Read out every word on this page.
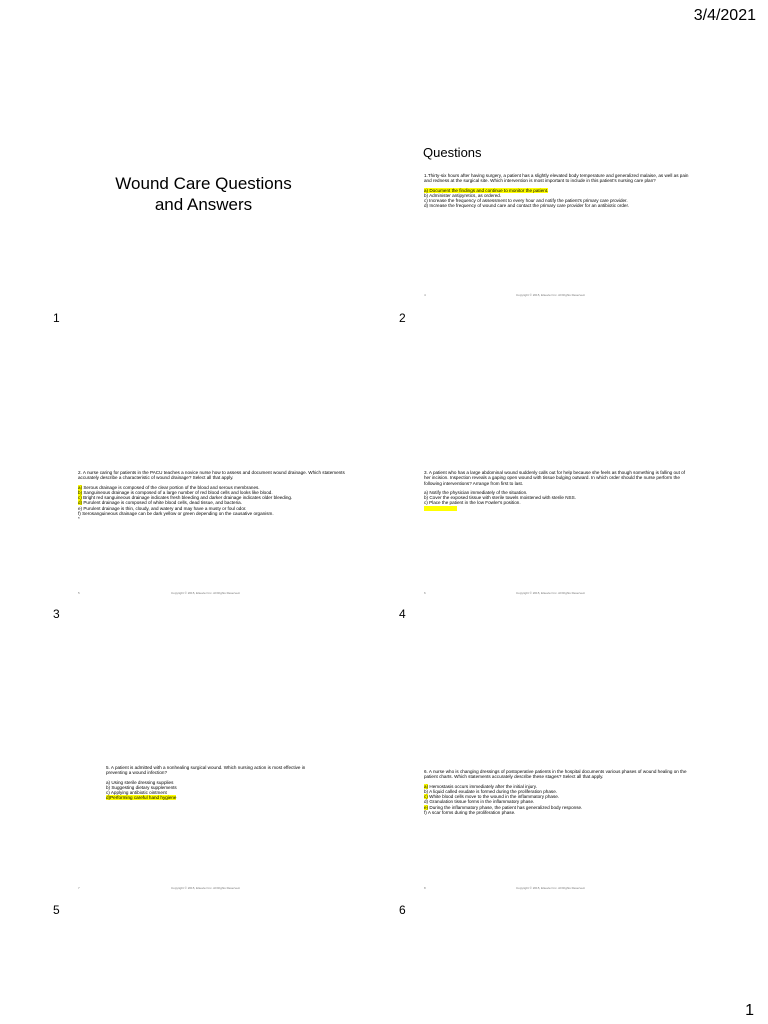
3/4/2021
Wound Care Questions and Answers
1
Questions

1.Thirty-six hours after having surgery, a patient has a slightly elevated body temperature and generalized malaise, as well as pain and redness at the surgical site. Which intervention is most important to include in this patient's nursing care plan?

a) Document the findings and continue to monitor the patient.
b) Administer antipyretics, as ordered.
c) Increase the frequency of assessment to every hour and notify the patient's primary care provider.
d) Increase the frequency of wound care and contact the primary care provider for an antibiotic order.
4	Copyright © 2015, Elsevier Inc. All Rights Reserved.
2

2. A nurse caring for patients in the PACU teaches a novice nurse how to assess and document wound drainage. Which statements accurately describe a characteristic of wound drainage? Select all that apply.

a) Serous drainage is composed of the clear portion of the blood and serous membranes.
b) Sanguineous drainage is composed of a large number of red blood cells and looks like blood.
c) Bright red sanguineous drainage indicates fresh bleeding and darker drainage indicates older bleeding.
d) Purulent drainage is composed of white blood cells, dead tissue, and bacteria.
e) Purulent drainage is thin, cloudy, and watery and may have a musty or foul odor.
f) Serosanguineous drainage can be dark yellow or green depending on the causative organism.
*
5	Copyright © 2015, Elsevier Inc. All Rights Reserved.
3

3. A patient who has a large abdominal wound suddenly calls out for help because she feels as though something is falling out of her incision. Inspection reveals a gaping open wound with tissue bulging outward. In which order should the nurse perform the following interventions? Arrange from first to last.

a) Notify the physician immediately of the situation.
b) Cover the exposed tissue with sterile towels moistened with sterile NSS.
c) Place the patient in the low Fowler's position.
6	Copyright © 2015, Elsevier Inc. All Rights Reserved.
4

5. A patient is admitted with a nonhealing surgical wound. Which nursing action is most effective in preventing a wound infection?

a) Using sterile dressing supplies
b) Suggesting dietary supplements
c) Applying antibiotic ointment
d)Performing careful hand hygiene
7	Copyright © 2015, Elsevier Inc. All Rights Reserved.
5

6. A nurse who is changing dressings of postoperative patients in the hospital documents various phases of wound healing on the patient charts. Which statements accurately describe these stages? Select all that apply.

a) Hemostasis occurs immediately after the initial injury.
b) A liquid called exudate is formed during the proliferation phase.
c) White blood cells move to the wound in the inflammatory phase.
d) Granulation tissue forms in the inflammatory phase.
e) During the inflammatory phase, the patient has generalized body response.
f) A scar forms during the proliferation phase.
8	Copyright © 2015, Elsevier Inc. All Rights Reserved.
6
1
